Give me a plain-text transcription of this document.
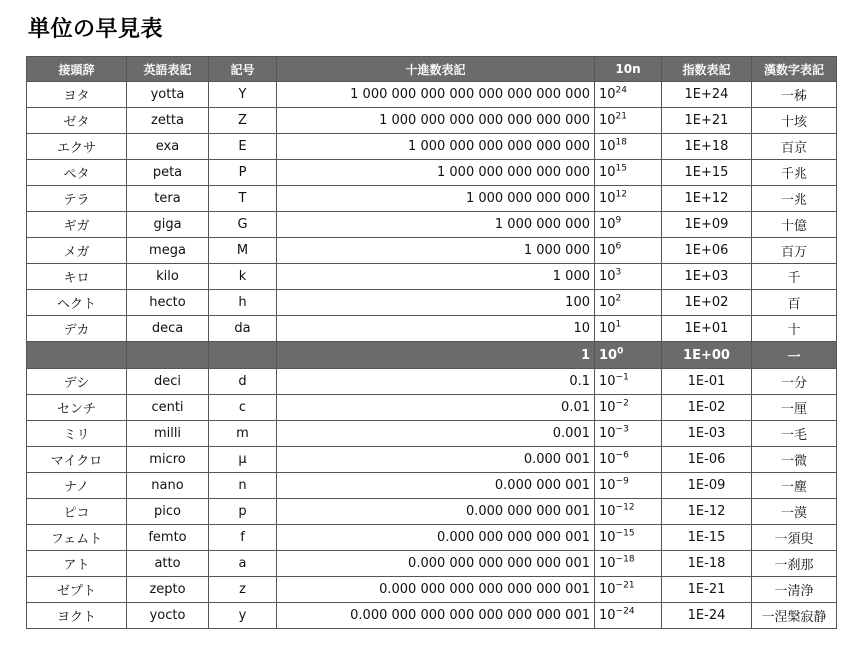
単位の早見表
接頭辞	英語表記	記号	十進数表記	10n	指数表記	漢数字表記
ヨタ	yotta	Y	1 000 000 000 000 000 000 000 000	$10^{24}$	1E+24	一秭
ゼタ	zetta	Z	1 000 000 000 000 000 000 000	$10^{21}$	1E+21	十垓
エクサ	exa	E	1 000 000 000 000 000 000	$10^{18}$	1E+18	百京
ペタ	peta	P	1 000 000 000 000 000	$10^{15}$	1E+15	千兆
テラ	tera	T	1 000 000 000 000	$10^{12}$	1E+12	一兆
ギガ	giga	G	1 000 000 000	$10^9$	1E+09	十億
メガ	mega	M	1 000 000	$10^6$	1E+06	百万
キロ	kilo	k	1 000	$10^3$	1E+03	千
ヘクト	hecto	h	100	$10^2$	1E+02	百
デカ	deca	da	10	$10^1$	1E+01	十
			1	$10^0$	1E+00	一
デシ	deci	d	0.1	$10^{-1}$	1E-01	一分
センチ	centi	c	0.01	$10^{-2}$	1E-02	一厘
ミリ	milli	m	0.001	$10^{-3}$	1E-03	一毛
マイクロ	micro	μ	0.000 001	$10^{-6}$	1E-06	一微
ナノ	nano	n	0.000 000 001	$10^{-9}$	1E-09	一塵
ピコ	pico	p	0.000 000 000 001	$10^{-12}$	1E-12	一漠
フェムト	femto	f	0.000 000 000 000 001	$10^{-15}$	1E-15	一須臾
アト	atto	a	0.000 000 000 000 000 001	$10^{-18}$	1E-18	一刹那
ゼプト	zepto	z	0.000 000 000 000 000 000 001	$10^{-21}$	1E-21	一清浄
ヨクト	yocto	y	0.000 000 000 000 000 000 000 001	$10^{-24}$	1E-24	一涅槃寂静
